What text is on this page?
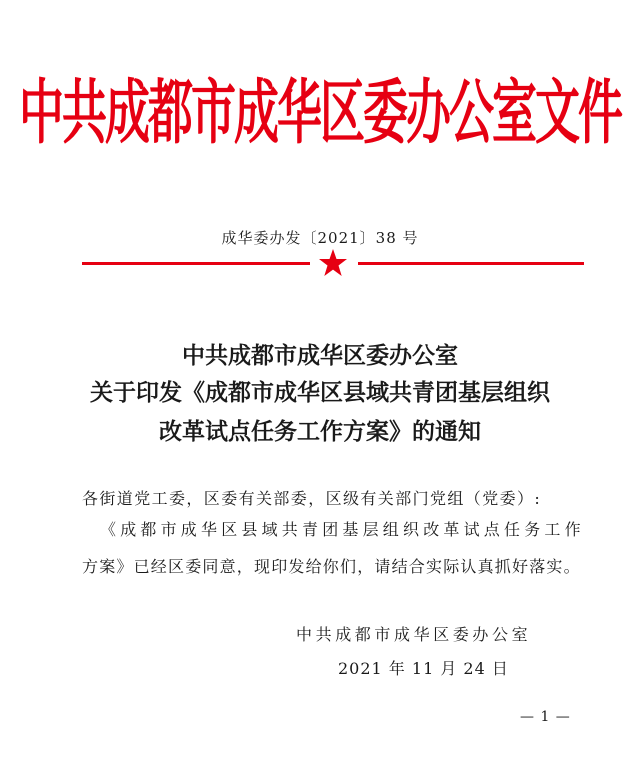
中共成都市成华区委办公室文件
成华委办发〔2021〕38 号
中共成都市成华区委办公室
关于印发《成都市成华区县域共青团基层组织
改革试点任务工作方案》的通知
各街道党工委，区委有关部委，区级有关部门党组（党委）:
《成都市成华区县域共青团基层组织改革试点任务工作
方案》已经区委同意，现印发给你们，请结合实际认真抓好落实。
中共成都市成华区委办公室
2021 年 11 月 24 日
— 1 —
